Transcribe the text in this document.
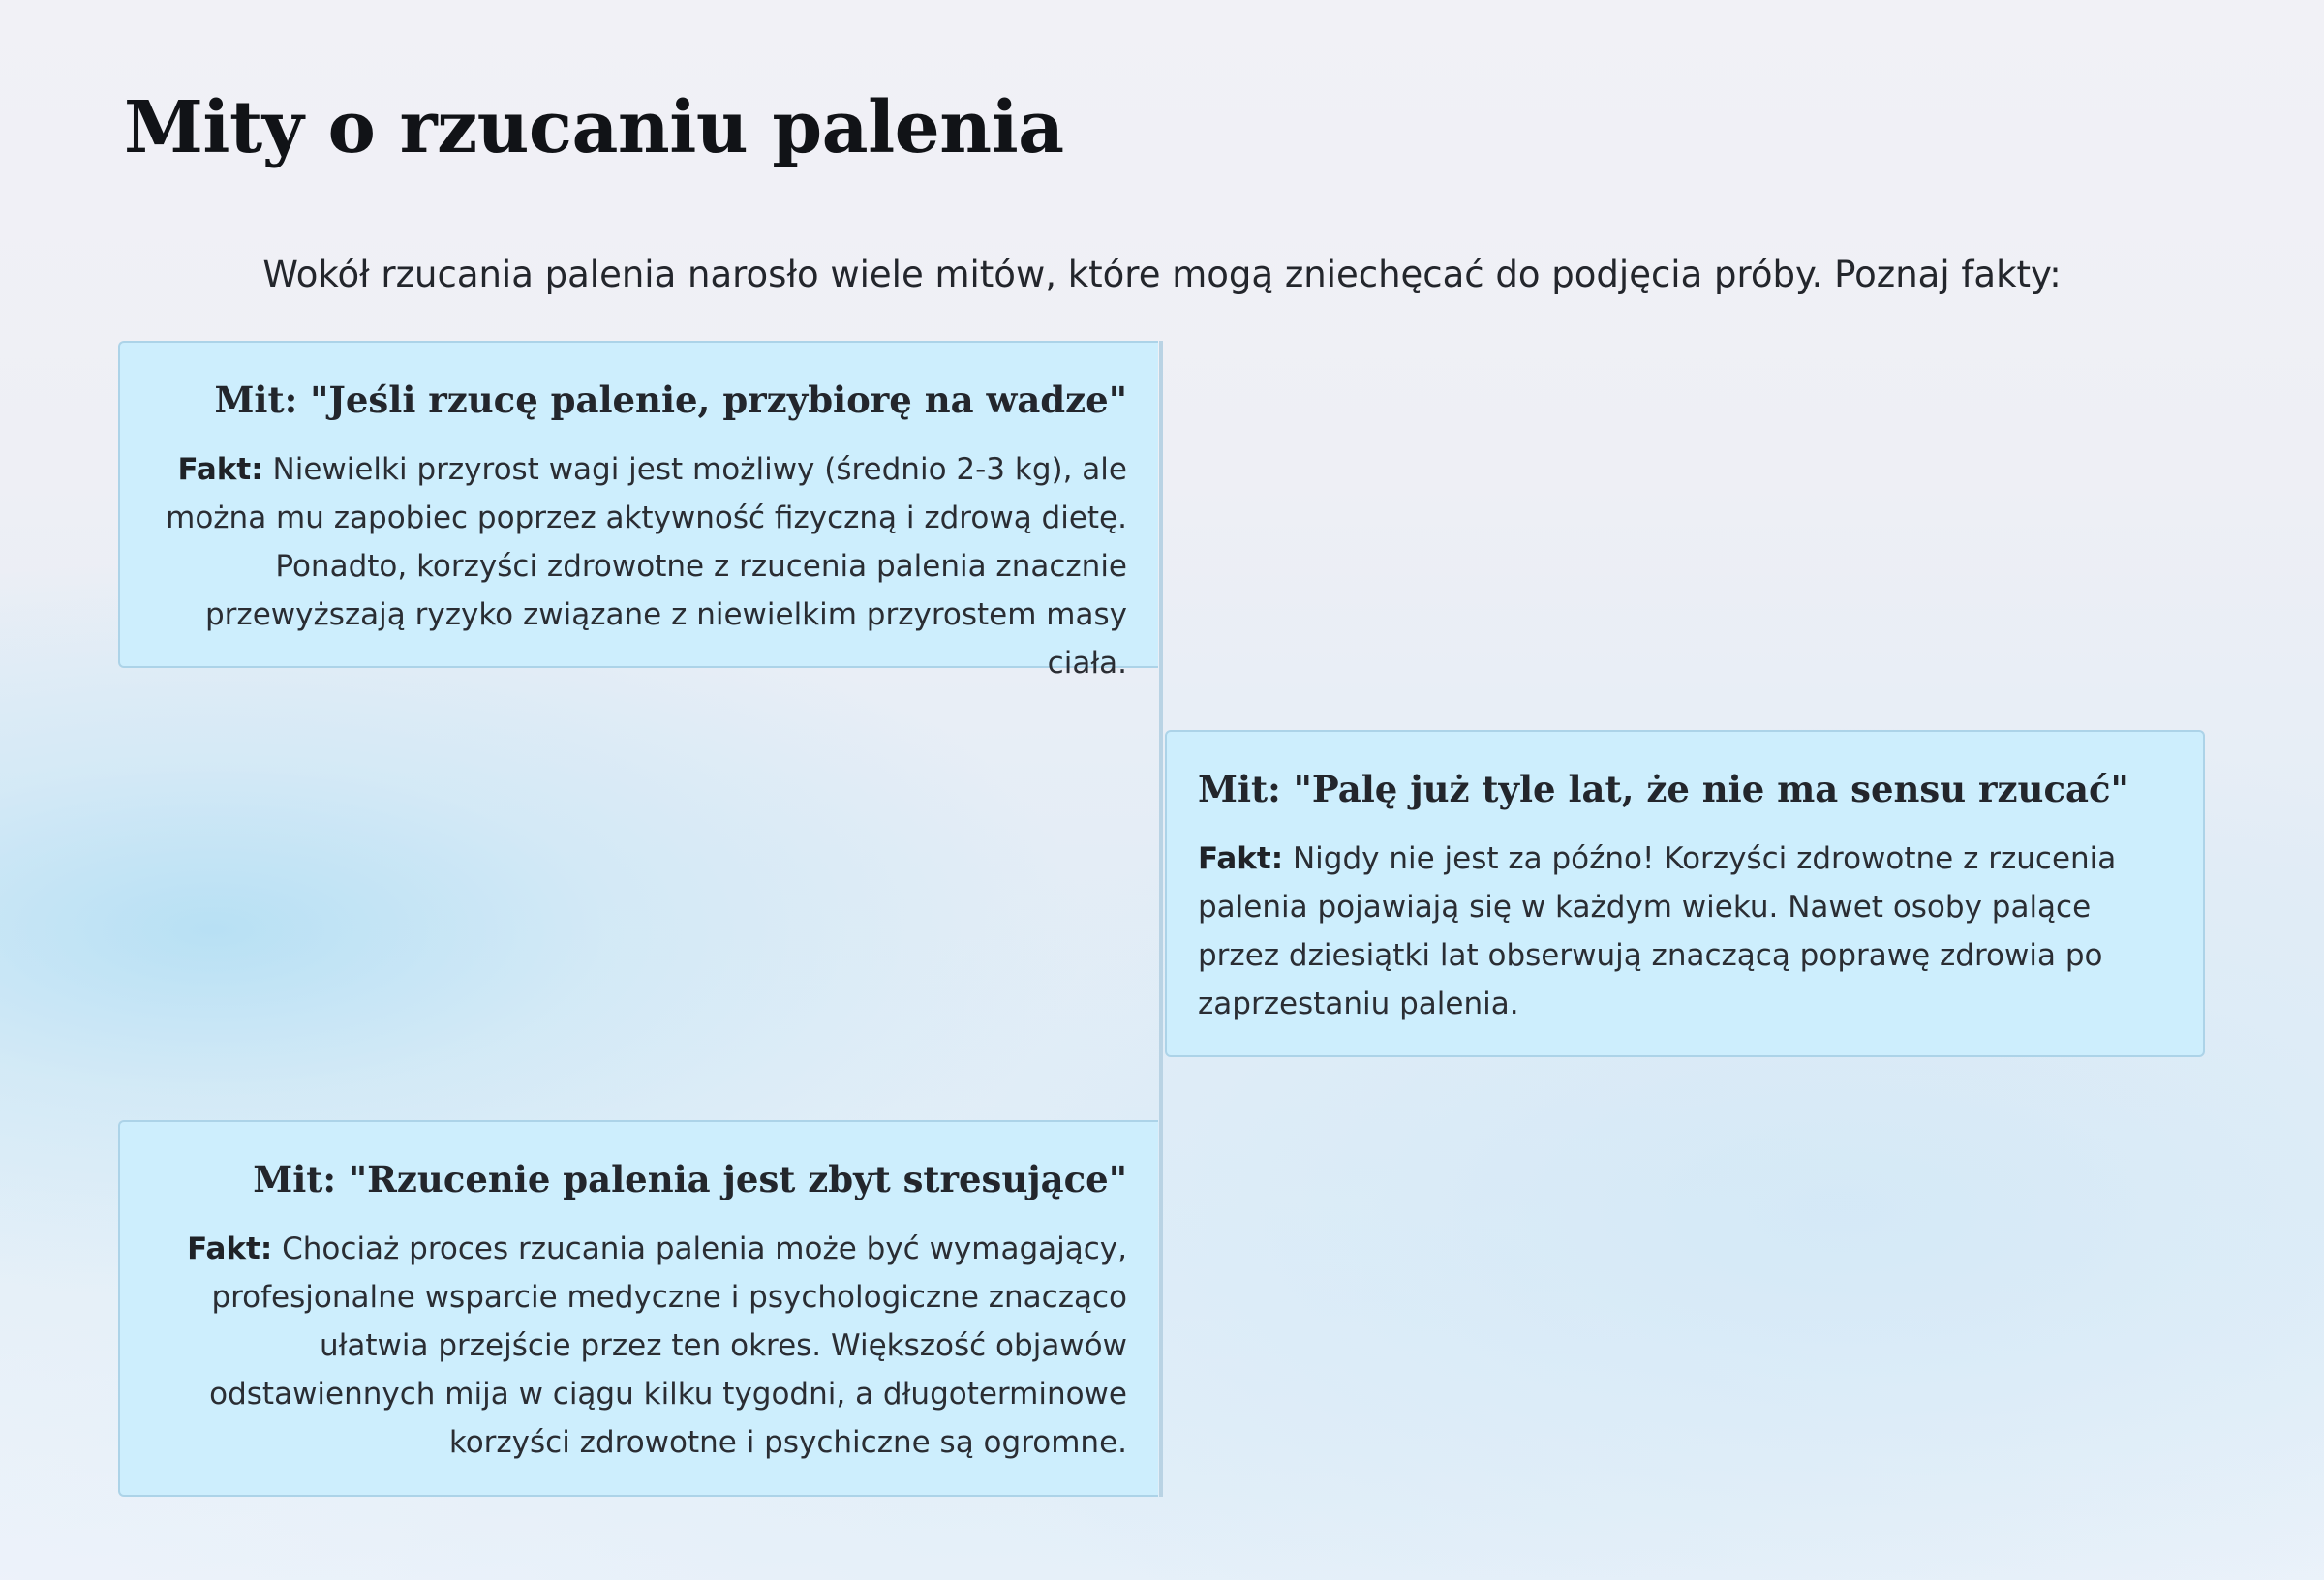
Mity o rzucaniu palenia

Wokół rzucania palenia narosło wiele mitów, które mogą zniechęcać do podjęcia próby. Poznaj fakty:

Mit: "Jeśli rzucę palenie, przybiorę na wadze"

Fakt: Niewielki przyrost wagi jest możliwy (średnio 2-3 kg), ale można mu zapobiec poprzez aktywność fizyczną i zdrową dietę. Ponadto, korzyści zdrowotne z rzucenia palenia znacznie przewyższają ryzyko związane z niewielkim przyrostem masy ciała.

Mit: "Palę już tyle lat, że nie ma sensu rzucać"

Fakt: Nigdy nie jest za późno! Korzyści zdrowotne z rzucenia palenia pojawiają się w każdym wieku. Nawet osoby palące przez dziesiątki lat obserwują znaczącą poprawę zdrowia po zaprzestaniu palenia.

Mit: "Rzucenie palenia jest zbyt stresujące"

Fakt: Chociaż proces rzucania palenia może być wymagający, profesjonalne wsparcie medyczne i psychologiczne znacząco ułatwia przejście przez ten okres. Większość objawów odstawiennych mija w ciągu kilku tygodni, a długoterminowe korzyści zdrowotne i psychiczne są ogromne.
